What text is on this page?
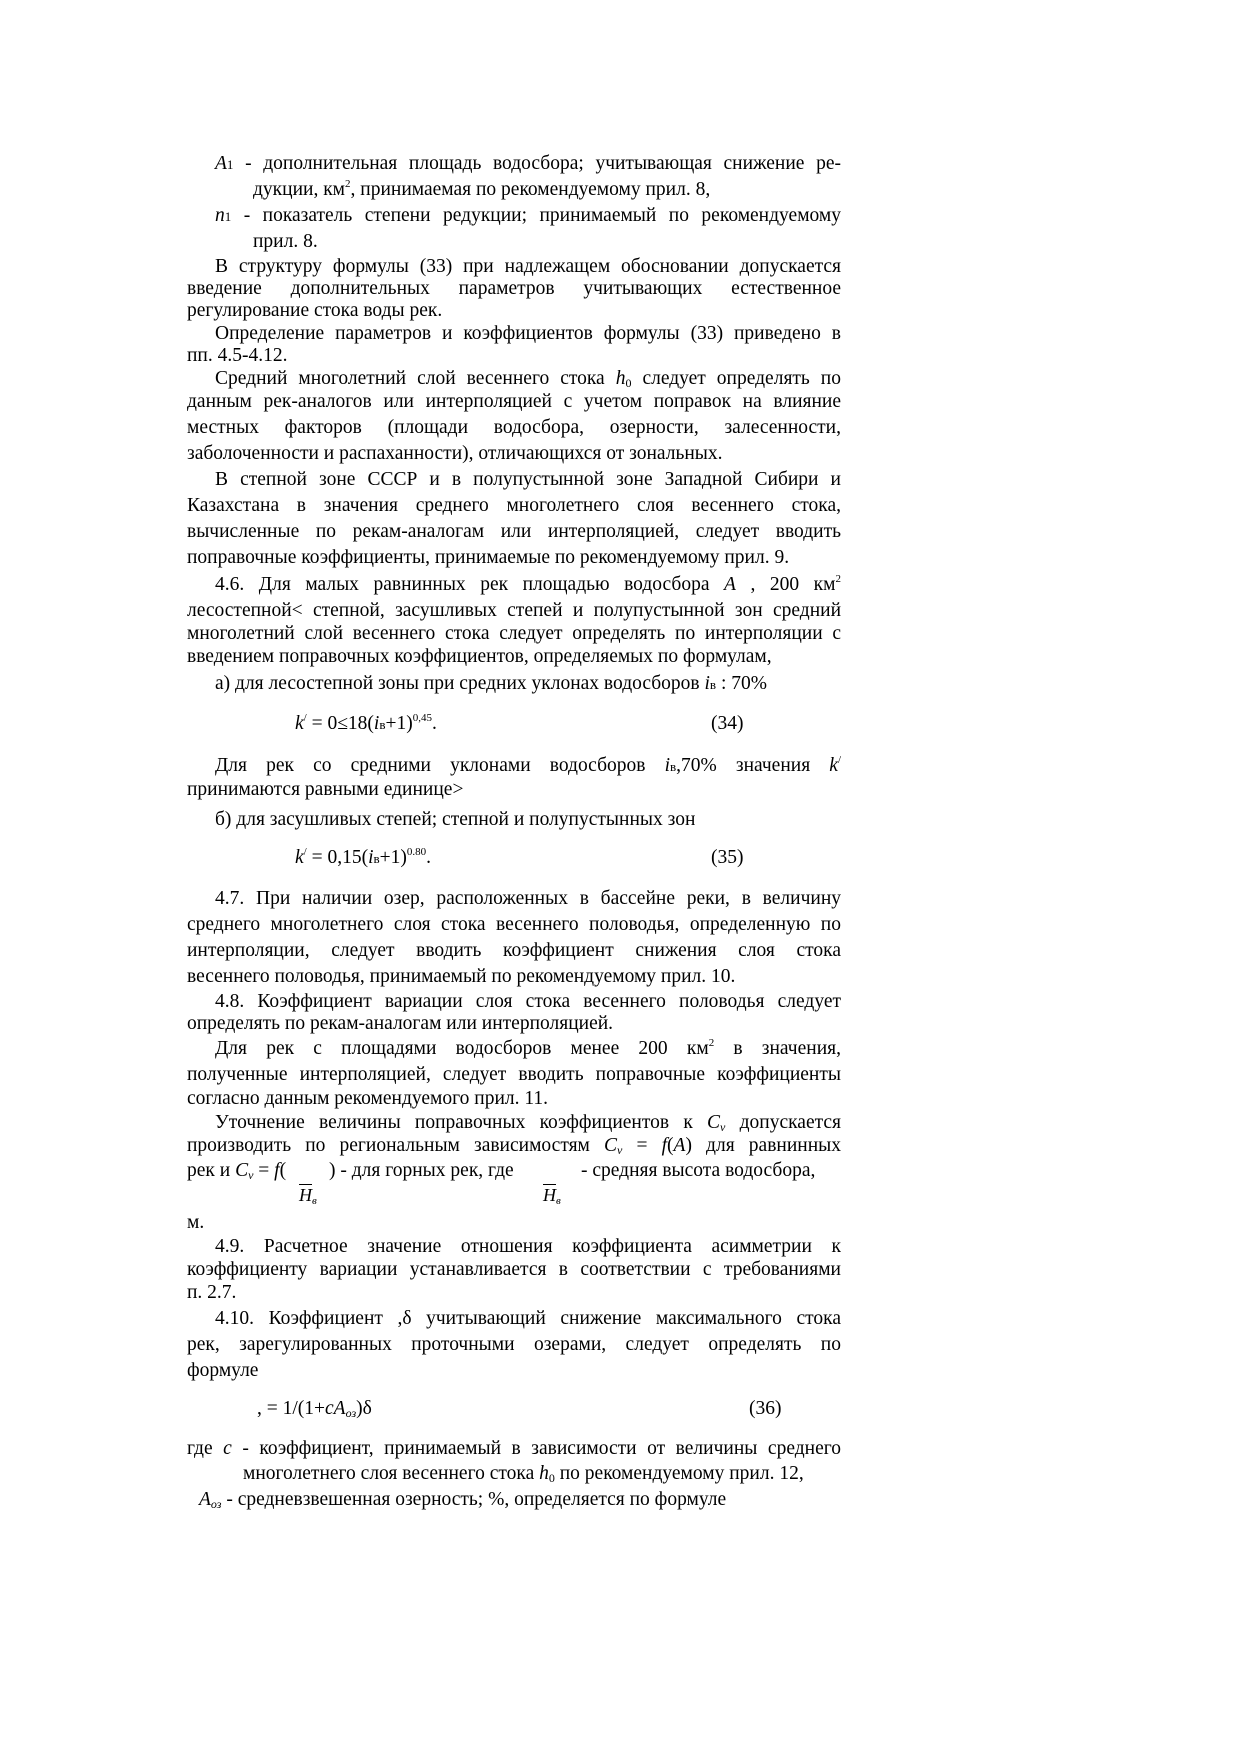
A1 - дополнительная площадь водосбора; учитывающая снижение ре-
дукции, $км^2$, принимаемая по рекомендуемому прил. 8,
n1 - показатель степени редукции; принимаемый по рекомендуемому
прил. 8.
В структуру формулы (33) при надлежащем обосновании допускается
введение дополнительных параметров учитывающих естественное
регулирование стока воды рек.
Определение параметров и коэффициентов формулы (33) приведено в
пп. 4.5-4.12.
Средний многолетний слой весеннего стока $h_0$ следует определять по
данным рек-аналогов или интерполяцией с учетом поправок на влияние
местных факторов (площади водосбора, озерности, залесенности,
заболоченности и распаханности), отличающихся от зональных.
В степной зоне СССР и в полупустынной зоне Западной Сибири и
Казахстана в значения среднего многолетнего слоя весеннего стока,
вычисленные по рекам-аналогам или интерполяцией, следует вводить
поправочные коэффициенты, принимаемые по рекомендуемому прил. 9.
4.6. Для малых равнинных рек площадью водосбора A , 200 $км^2$
лесостепной< степной, засушливых степей и полупустынной зон средний
многолетний слой весеннего стока следует определять по интерполяции с
введением поправочных коэффициентов, определяемых по формулам,
а) для лесостепной зоны при средних уклонах водосборов iв : 70%
$k^/ = 0\le 18(iв+1)^{0,45}$.	(34)
Для рек со средними уклонами водосборов iв,70% значения k/
принимаются равными единице>
б) для засушливых степей; степной и полупустынных зон
$k^/ = 0,15(iв+1)^{0.80}$.	(35)
4.7. При наличии озер, расположенных в бассейне реки, в величину
среднего многолетнего слоя стока весеннего половодья, определенную по
интерполяции, следует вводить коэффициент снижения слоя стока
весеннего половодья, принимаемый по рекомендуемому прил. 10.
4.8. Коэффициент вариации слоя стока весеннего половодья следует
определять по рекам-аналогам или интерполяцией.
Для рек с площадями водосборов менее 200 $км^2$ в значения,
полученные интерполяцией, следует вводить поправочные коэффициенты
согласно данным рекомендуемого прил. 11.
Уточнение величины поправочных коэффициентов к $C_v$ допускается
производить по региональным зависимостям $C_v = f(A)$ для равнинных
рек и $C_v = f$( ) - для горных рек, где	- средняя высота водосбора,
$\overline{H}_в$	$\overline{H}_в$
м.
4.9. Расчетное значение отношения коэффициента асимметрии к
коэффициенту вариации устанавливается в соответствии с требованиями
п. 2.7.
4.10. Коэффициент ,δ учитывающий снижение максимального стока
рек, зарегулированных проточными озерами, следует определять по
формуле
, = $1/(1+cA_{оз})\delta$	(36)
где c - коэффициент, принимаемый в зависимости от величины среднего
многолетнего слоя весеннего стока $h_0$ по рекомендуемому прил. 12,
$A_{оз}$ - средневзвешенная озерность; %, определяется по формуле
